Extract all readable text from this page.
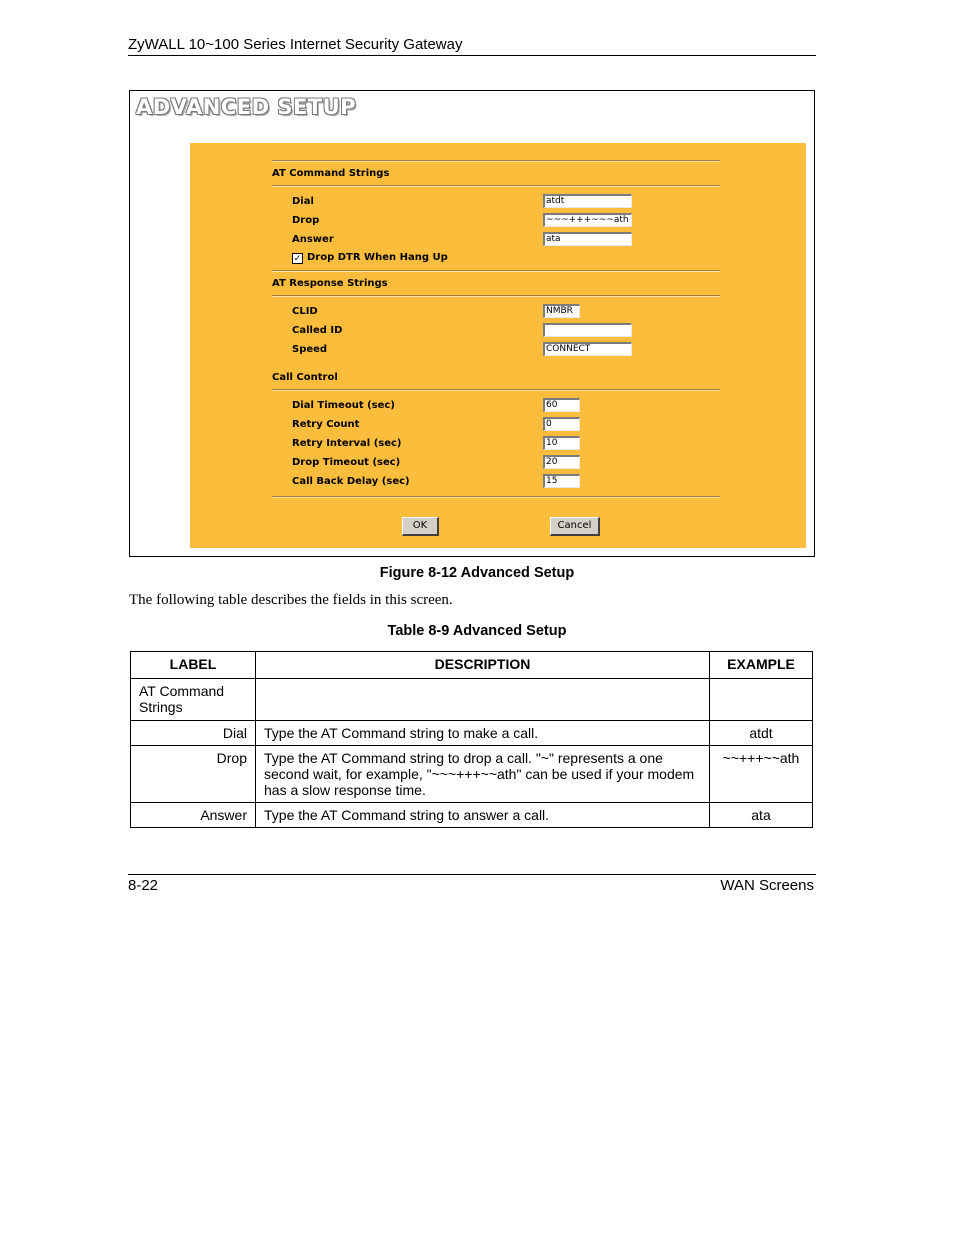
ZyWALL 10~100 Series Internet Security Gateway
ADVANCED SETUP
AT Command Strings
Dial	atdt
Drop	~~~+++~~~ath
Answer	ata
✓ Drop DTR When Hang Up
AT Response Strings
CLID	NMBR
Called ID
Speed	CONNECT
Call Control
Dial Timeout (sec)	60
Retry Count	0
Retry Interval (sec)	10
Drop Timeout (sec)	20
Call Back Delay (sec)	15
OK	Cancel
Figure 8-12 Advanced Setup
The following table describes the fields in this screen.
Table 8-9 Advanced Setup
LABEL	DESCRIPTION	EXAMPLE
AT Command Strings		
Dial	Type the AT Command string to make a call.	atdt
Drop	Type the AT Command string to drop a call. "~" represents a one second wait, for example, "~~~+++~~ath" can be used if your modem has a slow response time.	~~+++~~ath
Answer	Type the AT Command string to answer a call.	ata
8-22	WAN Screens
